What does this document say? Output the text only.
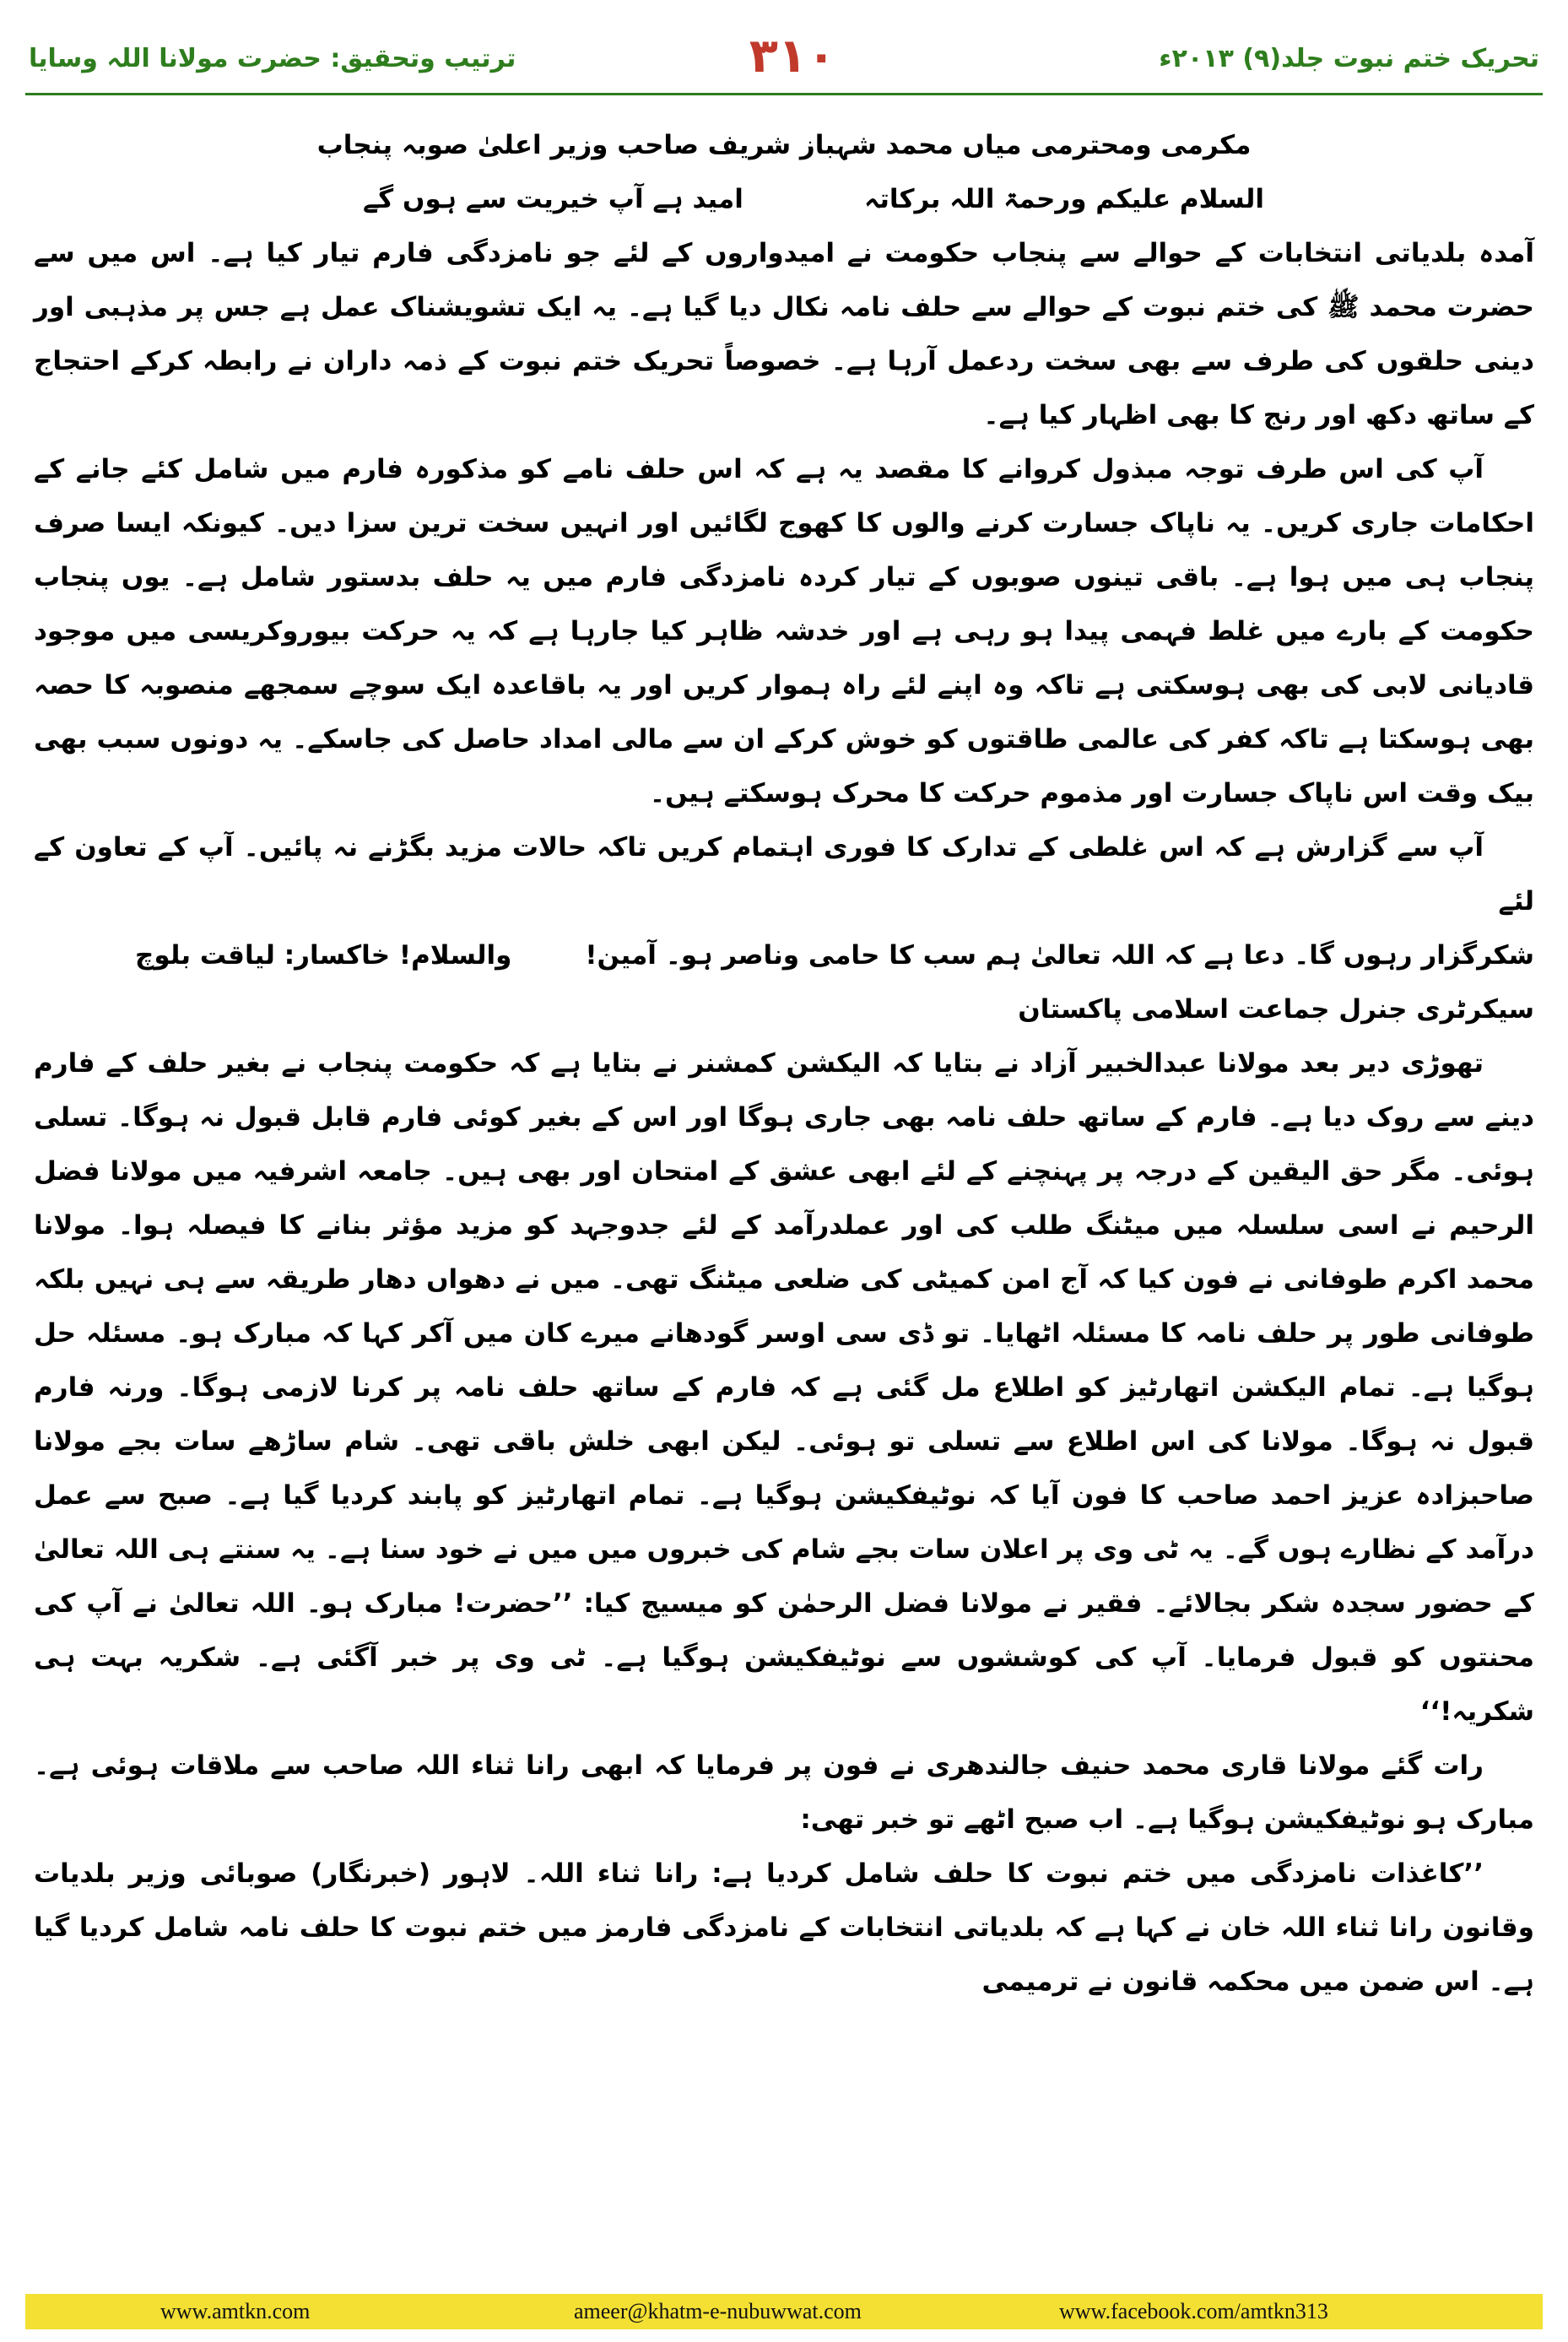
ترتیب وتحقیق: حضرت مولانا اللہ وسایا	۳۱۰	تحریک ختم نبوت جلد(۹) ۲۰۱۳ء

مکرمی ومحترمی میاں محمد شہباز شریف صاحب وزیر اعلیٰ صوبہ پنجاب

السلام علیکم ورحمۃ اللہ برکاتہ
امید ہے آپ خیریت سے ہوں گے

آمدہ بلدیاتی انتخابات کے حوالے سے پنجاب حکومت نے امیدواروں کے لئے جو نامزدگی فارم تیار کیا ہے۔ اس میں سے حضرت محمد ﷺ کی ختم نبوت کے حوالے سے حلف نامہ نکال دیا گیا ہے۔ یہ ایک تشویشناک عمل ہے جس پر مذہبی اور دینی حلقوں کی طرف سے بھی سخت ردعمل آرہا ہے۔ خصوصاً تحریک ختم نبوت کے ذمہ داران نے رابطہ کرکے احتجاج کے ساتھ دکھ اور رنج کا بھی اظہار کیا ہے۔

آپ کی اس طرف توجہ مبذول کروانے کا مقصد یہ ہے کہ اس حلف نامے کو مذکورہ فارم میں شامل کئے جانے کے احکامات جاری کریں۔ یہ ناپاک جسارت کرنے والوں کا کھوج لگائیں اور انہیں سخت ترین سزا دیں۔ کیونکہ ایسا صرف پنجاب ہی میں ہوا ہے۔ باقی تینوں صوبوں کے تیار کردہ نامزدگی فارم میں یہ حلف بدستور شامل ہے۔ یوں پنجاب حکومت کے بارے میں غلط فہمی پیدا ہو رہی ہے اور خدشہ ظاہر کیا جارہا ہے کہ یہ حرکت بیوروکریسی میں موجود قادیانی لابی کی بھی ہوسکتی ہے تاکہ وہ اپنے لئے راہ ہموار کریں اور یہ باقاعدہ ایک سوچے سمجھے منصوبہ کا حصہ بھی ہوسکتا ہے تاکہ کفر کی عالمی طاقتوں کو خوش کرکے ان سے مالی امداد حاصل کی جاسکے۔ یہ دونوں سبب بھی بیک وقت اس ناپاک جسارت اور مذموم حرکت کا محرک ہوسکتے ہیں۔

آپ سے گزارش ہے کہ اس غلطی کے تدارک کا فوری اہتمام کریں تاکہ حالات مزید بگڑنے نہ پائیں۔ آپ کے تعاون کے لئے

شکرگزار رہوں گا۔ دعا ہے کہ اللہ تعالیٰ ہم سب کا حامی وناصر ہو۔ آمین!
والسلام! خاکسار: لیاقت بلوچ

سیکرٹری جنرل جماعت اسلامی پاکستان

تھوڑی دیر بعد مولانا عبدالخبیر آزاد نے بتایا کہ الیکشن کمشنر نے بتایا ہے کہ حکومت پنجاب نے بغیر حلف کے فارم دینے سے روک دیا ہے۔ فارم کے ساتھ حلف نامہ بھی جاری ہوگا اور اس کے بغیر کوئی فارم قابل قبول نہ ہوگا۔ تسلی ہوئی۔ مگر حق الیقین کے درجہ پر پہنچنے کے لئے ابھی عشق کے امتحان اور بھی ہیں۔ جامعہ اشرفیہ میں مولانا فضل الرحیم نے اسی سلسلہ میں میٹنگ طلب کی اور عملدرآمد کے لئے جدوجہد کو مزید مؤثر بنانے کا فیصلہ ہوا۔ مولانا محمد اکرم طوفانی نے فون کیا کہ آج امن کمیٹی کی ضلعی میٹنگ تھی۔ میں نے دھواں دھار طریقہ سے ہی نہیں بلکہ طوفانی طور پر حلف نامہ کا مسئلہ اٹھایا۔ تو ڈی سی اوسر گودھانے میرے کان میں آکر کہا کہ مبارک ہو۔ مسئلہ حل ہوگیا ہے۔ تمام الیکشن اتھارٹیز کو اطلاع مل گئی ہے کہ فارم کے ساتھ حلف نامہ پر کرنا لازمی ہوگا۔ ورنہ فارم قبول نہ ہوگا۔ مولانا کی اس اطلاع سے تسلی تو ہوئی۔ لیکن ابھی خلش باقی تھی۔ شام ساڑھے سات بجے مولانا صاحبزادہ عزیز احمد صاحب کا فون آیا کہ نوٹیفکیشن ہوگیا ہے۔ تمام اتھارٹیز کو پابند کردیا گیا ہے۔ صبح سے عمل درآمد کے نظارے ہوں گے۔ یہ ٹی وی پر اعلان سات بجے شام کی خبروں میں میں نے خود سنا ہے۔ یہ سنتے ہی اللہ تعالیٰ کے حضور سجدہ شکر بجالائے۔ فقیر نے مولانا فضل الرحمٰن کو میسیج کیا: ’’حضرت! مبارک ہو۔ اللہ تعالیٰ نے آپ کی محنتوں کو قبول فرمایا۔ آپ کی کوششوں سے نوٹیفکیشن ہوگیا ہے۔ ٹی وی پر خبر آگئی ہے۔ شکریہ بہت ہی شکریہ!‘‘

رات گئے مولانا قاری محمد حنیف جالندھری نے فون پر فرمایا کہ ابھی رانا ثناء اللہ صاحب سے ملاقات ہوئی ہے۔ مبارک ہو نوٹیفکیشن ہوگیا ہے۔ اب صبح اٹھے تو خبر تھی:

’’کاغذات نامزدگی میں ختم نبوت کا حلف شامل کردیا ہے: رانا ثناء اللہ۔ لاہور (خبرنگار) صوبائی وزیر بلدیات وقانون رانا ثناء اللہ خان نے کہا ہے کہ بلدیاتی انتخابات کے نامزدگی فارمز میں ختم نبوت کا حلف نامہ شامل کردیا گیا ہے۔ اس ضمن میں محکمہ قانون نے ترمیمی

www.amtkn.com	ameer@khatm-e-nubuwwat.com	www.facebook.com/amtkn313
